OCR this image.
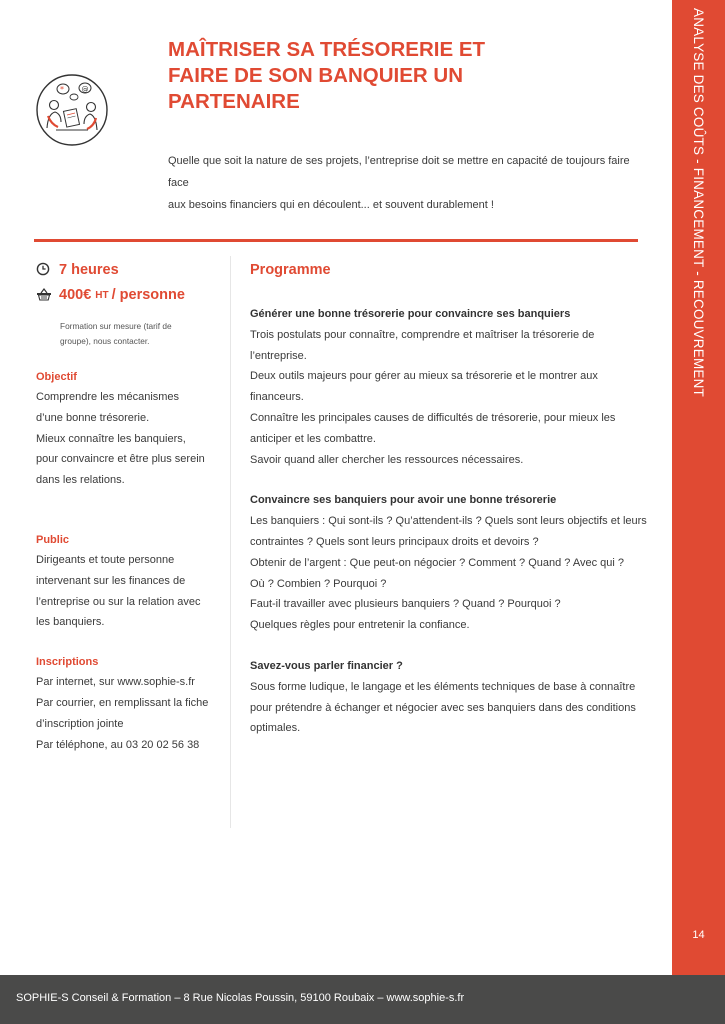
ANALYSE DES COÛTS - FINANCEMENT - RECOUVREMENT
14
*	@
MAÎTRISER SA TRÉSORERIE ET
FAIRE DE SON BANQUIER UN
PARTENAIRE

Quelle que soit la nature de ses projets, l’entreprise doit se mettre en capacité de toujours faire face
aux besoins financiers qui en découlent... et souvent durablement !

7 heures
400€ HT / personne

Formation sur mesure (tarif de
groupe), nous contacter.

Objectif

Comprendre les mécanismes
d’une bonne trésorerie.
Mieux connaître les banquiers,
pour convaincre et être plus serein
dans les relations.

Public

Dirigeants et toute personne
intervenant sur les finances de
l’entreprise ou sur la relation avec
les banquiers.

Inscriptions

Par internet, sur www.sophie-s.fr
Par courrier, en remplissant la fiche
d’inscription jointe
Par téléphone, au 03 20 02 56 38

Programme

Générer une bonne trésorerie pour convaincre ses banquiers

Trois postulats pour connaître, comprendre et maîtriser la trésorerie de

l’entreprise.

Deux outils majeurs pour gérer au mieux sa trésorerie et le montrer aux

financeurs.

Connaître les principales causes de difficultés de trésorerie, pour mieux les

anticiper et les combattre.

Savoir quand aller chercher les ressources nécessaires.

Convaincre ses banquiers pour avoir une bonne trésorerie

Les banquiers : Qui sont-ils ? Qu’attendent-ils ? Quels sont leurs objectifs et leurs

contraintes ? Quels sont leurs principaux droits et devoirs ?

Obtenir de l’argent : Que peut-on négocier ? Comment ? Quand ? Avec qui ?

Où ? Combien ? Pourquoi ?

Faut-il travailler avec plusieurs banquiers ? Quand ? Pourquoi ?

Quelques règles pour entretenir la confiance.

Savez-vous parler financier ?

Sous forme ludique, le langage et les éléments techniques de base à connaître

pour prétendre à échanger et négocier avec ses banquiers dans des conditions

optimales.

SOPHIE-S Conseil & Formation – 8 Rue Nicolas Poussin, 59100 Roubaix – www.sophie-s.fr
